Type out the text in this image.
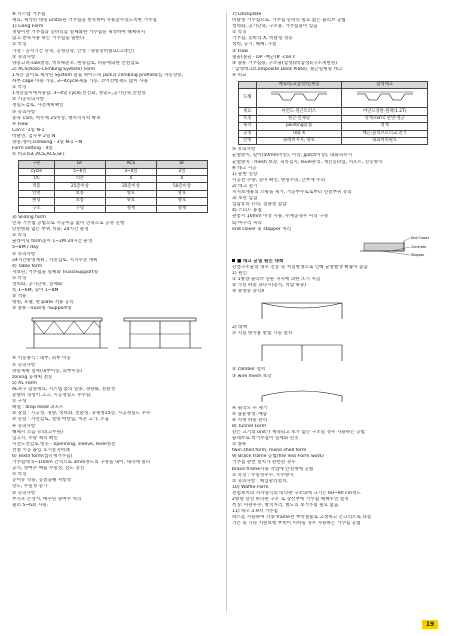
※ 시스템 거푸집
재료, 제작된 대형 unit화된 거푸집을 반복하여 사용할수있도록한 거푸집
1) Gang Form
경량이면 거푸집과 동바리를 일체화한 거푸집을 제작하여 해체하지
않고 반복사용 하는 거푸집을 말한다
① 특징
가장 : 공사기간 단축, 공정단축, 안정 : 양중장비필요(크레인)
② 유의사항
양중고려·size결정, 벽리체분포, 변형검토, 비용에의한 안전검토
2) ACS(Auto-Climbing System) Form
1개층 높이로 제작된 System 폼을 하이드릭 jack과 climbing profile와를 자동상승,
하부 cage 이용 가능, 3~4cycle제품 가능, 코어선행제도 많이 사용
① 특징
1개층높이에적용함, 3~4일 cycle,선진화, 정밀도,공기단축,안전성
② 시공유의사항
정밀도검토, 사전계획확인
③ 유의사항
풍속 15m, 벽두께 25이상, 앵커지지력 확보
④ Flow
Con'c ·1일 N-1
박탈면, 검사후 2일 N
양중,앵커,climbing · 3일 N-1 ~N
Form setting · 4일
⑤ 비교(GF,ACS,ACS,SF)
구분	GF	ACS	SF
cycle	5~6일	3~4일	2일
T/C	의존	X	X
적용	25층이상	35층이상	50층이상
안전	보통	양호	양호
변형	보통	양호	양호
구조	구형	철재	철재
3) Sliding form
연속 거푸집 공법으로 시공이음 없이 연속으로 공정 진행
단면변화 없는 부위 적용, 24시간 운영
① 특징
슬라이딩 form높이 1~2M 24시간 운영
5~8M / day
② 유의사항
24시간운영계획 , 사전검토, 지지수준 계획
4) Table form
지보된, 거푸집을 일체화 Truss/Support형
① 특징
성력화, 공기단축, 일체화
폭 1~6M, 길이 1~8M
② 적용
병원, 호텔, 판 plate 적용 공리
③ 종류 -Truss형 -Support형
④ 이동방식 : 내부, 외부 이동
⑤ 유의사항
양중계획 절차(내부이동, 외부이동)
zoning 등계획 전동
5) AL Form
AL폭구 합성재료, 시스템 폼의 일종, 경량화, 전환성
증량비 경성이 크고, 시공정밀도 우수함.
① 구성
패널 : drop head 피포트
② 장점 : 시공성, 경량, 성력화, 전환성, 경제성25층, 시공정밀도 우수
③ 단점 : 사전검토, 설명 마련됨, 처준 고가, 소음
④ 유의사항
해체시 소음 유의(고무원)
입고시, 수량 체직 확인
시전도전검토 항곳 - openning, sleeve, level명전
전열 시공 출입 호기문지비례
6) Textil form(섬유재거푸집)
거푸집에 5~10mm 간격으로 3mm정도의 구멍을 내어, 내측에 필터
공식, 양여수 배출 수밀성, 강도 증진
① 특징
동어유 작용, 동결융해 저항성
강도, 수밀성 증가
② 유의사항
부직포 손상시, 배수된 양여수 처리
필터 5~6회 사용,
7) Deckplate
비탈형 거푸집으로, 거푸집 동바리 필요 없는 슬리브 공법
성력화, 공기단축, 구조용, 거푸집용이 있음
① 특징
거푸집, 동바리 X, 비탈형 성능
성력, 공기, 해체, 가설
② Flow
철골(철골 - DP -배근)# -con'c
③ 종류 거푸집용, 구조용(합성)(비합성)(구조재현성)
: 합성데크(Composite Deck Plate), 철근일체형 데크
④ 비교
	페로데크(합성)일체형	합성데크
도해		
재료	아연도·철근트러스	아연도강판·철재(1.2T)
특징	철근·일체형	강재·con'c 단면·철근
제작	pointing용접	철재
공정	내화 X	배근,슬리브모터교,전기
안정	슬래쉬지지, 양호	내화처리필요
⑤ 유의사항
균열방지, 길이(50mm미만), 이상, Jpitch이상), 내화피복시
균열방지 : mesh 보강, 피복검지, level관리, 재진동타입, 서포트, 진동방지
※ 데크 시공
1) 운반 연장
시공전 수량, 길이 확인, 변형주의, 간부재 우의
2) 데크 걸기
지지보재용의 오평을 제거, 거동부주로로부터 연결부위 유의
3) 보관 입합
입합봉의 유의, 점용절 합합
4) 스터드 용접
관통시 16mm 이상 사용, 두께공경우 미리 구멍
5) 마구리 처리
end closer 및 stopper 처리
End Closer
Concrete
Stopper
■ 데크 균열 원인 대책
강결구조물의 경우 진동 및 처짐방생으로 인해 균열발생 확률이 높음
1) 원인
① 1방향 슬라브 단순 지지에 의한 조기 처짐
② 가설 하중 과다시(중적, 적업 하중)
③ 양생중 충격X
2) 대책
① 지점 방지용 받침 기둥 설치
② camber 설치
③ wire mesh 보강
④ 필리오 수 제거
⑤ 습윤양생, 배합
⑥ 적재 하중 관리
8) Tunnel Form
같은 크기의 unit가 계속되고 보가 없는 구조일 경우 사용하는 공법
슬래브로 벽거푸집이 일체화 된것
① 종류
twin shell form, mono shell form
9) Brace frame 공법(fire less Form work)
거푸집 관련 설치가 관련된 경우
brace frame사용 작업에 안전계에 공법
① 특징 : 수일성우수, 누수방지
② 유의사항 : 해입관리설치,
10) Waffle Form
전엽보이의 격자형식의 바닥판 구조의에 크기는 60~90 cm정도
2방향 장선 바닥판 구조 로 장선부에 거푸집 해체우연 설치
특징: 미관우수, 방직처리, 별도의 보거푸집 필요 없음
11) 하오 3.9치 거푸집
하스를 사용하여 각종 frame관 부착철물로 고정하고 콘크리트로 타설
기온 및 기타 지원보행 부쪽이 이하일 경우 사용하는 거푸집 공법
19
